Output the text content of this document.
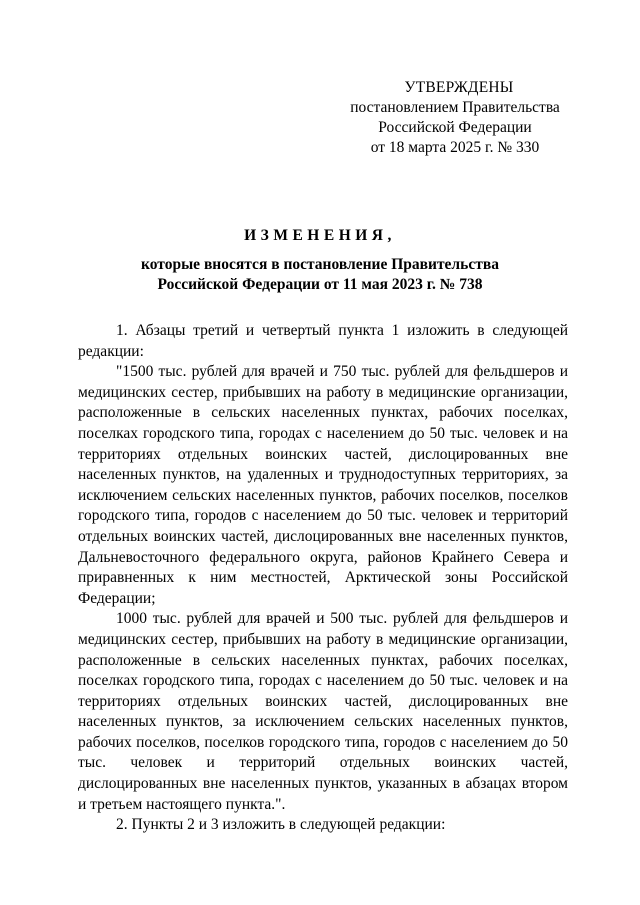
УТВЕРЖДЕНЫ
постановлением Правительства
Российской Федерации
от 18 марта 2025 г. № 330
ИЗМЕНЕНИЯ,
которые вносятся в постановление Правительства
Российской Федерации от 11 мая 2023 г. № 738

1. Абзацы третий и четвертый пункта 1 изложить в следующей редакции:

"1500 тыс. рублей для врачей и 750 тыс. рублей для фельдшеров и медицинских сестер, прибывших на работу в медицинские организации, расположенные в сельских населенных пунктах, рабочих поселках, поселках городского типа, городах с населением до 50 тыс. человек и на территориях отдельных воинских частей, дислоцированных вне населенных пунктов, на удаленных и труднодоступных территориях, за исключением сельских населенных пунктов, рабочих поселков, поселков городского типа, городов с населением до 50 тыс. человек и территорий отдельных воинских частей, дислоцированных вне населенных пунктов, Дальневосточного федерального округа, районов Крайнего Севера и приравненных к ним местностей, Арктической зоны Российской Федерации;

1000 тыс. рублей для врачей и 500 тыс. рублей для фельдшеров и медицинских сестер, прибывших на работу в медицинские организации, расположенные в сельских населенных пунктах, рабочих поселках, поселках городского типа, городах с населением до 50 тыс. человек и на территориях отдельных воинских частей, дислоцированных вне населенных пунктов, за исключением сельских населенных пунктов, рабочих поселков, поселков городского типа, городов с населением до 50 тыс. человек и территорий отдельных воинских частей, дислоцированных вне населенных пунктов, указанных в абзацах втором и третьем настоящего пункта.".

2. Пункты 2 и 3 изложить в следующей редакции:
